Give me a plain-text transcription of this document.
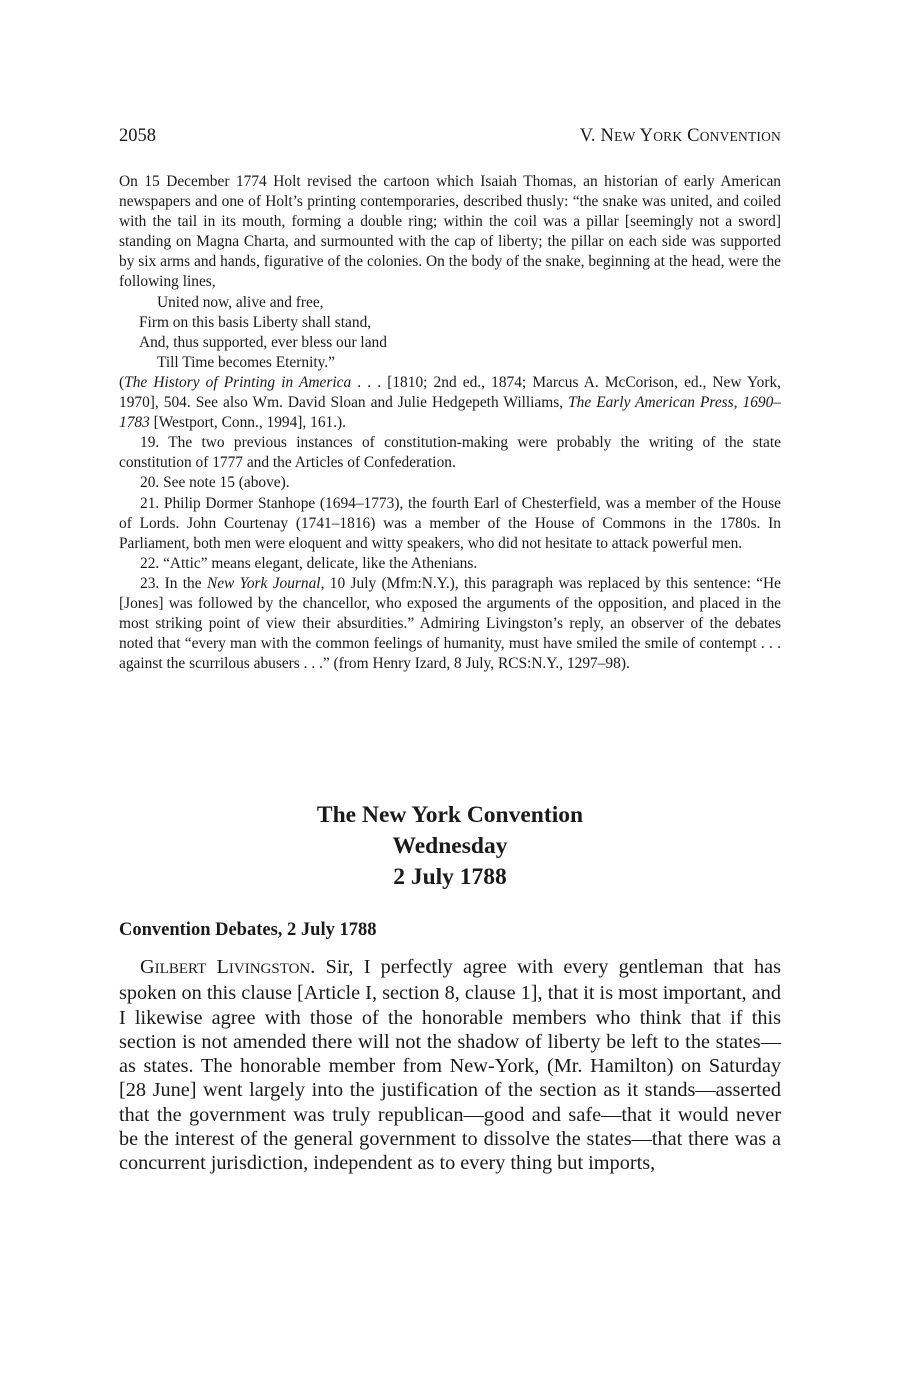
2058	V. NEW YORK CONVENTION

On 15 December 1774 Holt revised the cartoon which Isaiah Thomas, an historian of early American newspapers and one of Holt’s printing contemporaries, described thusly: “the snake was united, and coiled with the tail in its mouth, forming a double ring; within the coil was a pillar [seemingly not a sword] standing on Magna Charta, and surmounted with the cap of liberty; the pillar on each side was supported by six arms and hands, figurative of the colonies. On the body of the snake, beginning at the head, were the following lines,

United now, alive and free,

Firm on this basis Liberty shall stand,

And, thus supported, ever bless our land

Till Time becomes Eternity.”

(The History of Printing in America . . . [1810; 2nd ed., 1874; Marcus A. McCorison, ed., New York, 1970], 504. See also Wm. David Sloan and Julie Hedgepeth Williams, The Early American Press, 1690–1783 [Westport, Conn., 1994], 161.).

19. The two previous instances of constitution-making were probably the writing of the state constitution of 1777 and the Articles of Confederation.

20. See note 15 (above).

21. Philip Dormer Stanhope (1694–1773), the fourth Earl of Chesterfield, was a member of the House of Lords. John Courtenay (1741–1816) was a member of the House of Commons in the 1780s. In Parliament, both men were eloquent and witty speakers, who did not hesitate to attack powerful men.

22. “Attic” means elegant, delicate, like the Athenians.

23. In the New York Journal, 10 July (Mfm:N.Y.), this paragraph was replaced by this sentence: “He [Jones] was followed by the chancellor, who exposed the arguments of the opposition, and placed in the most striking point of view their absurdities.” Admiring Livingston’s reply, an observer of the debates noted that “every man with the common feelings of humanity, must have smiled the smile of contempt . . . against the scurrilous abusers . . .” (from Henry Izard, 8 July, RCS:N.Y., 1297–98).

The New York Convention
Wednesday
2 July 1788
Convention Debates, 2 July 1788

GILBERT LIVINGSTON. Sir, I perfectly agree with every gentleman that has spoken on this clause [Article I, section 8, clause 1], that it is most important, and I likewise agree with those of the honorable members who think that if this section is not amended there will not the shadow of liberty be left to the states—as states. The honorable member from New-York, (Mr. Hamilton) on Saturday [28 June] went largely into the justification of the section as it stands—asserted that the government was truly republican—good and safe—that it would never be the interest of the general government to dissolve the states—that there was a concurrent jurisdiction, independent as to every thing but imports,
